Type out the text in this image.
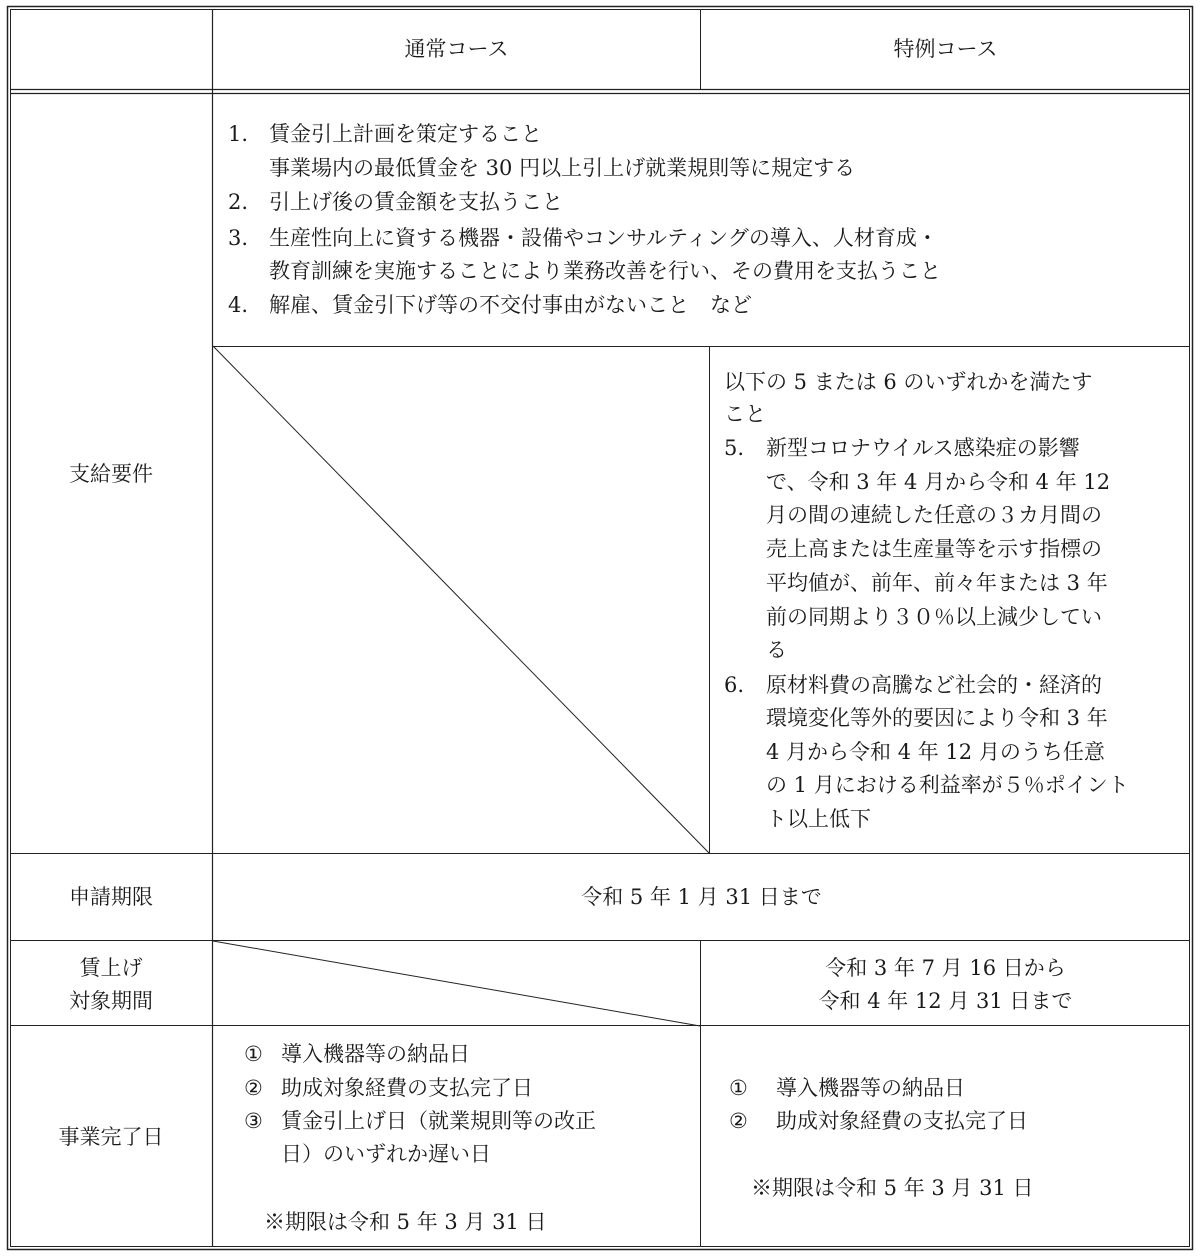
通常コース	特例コース
支給要件
申請期限
賃上げ
対象期間
事業完了日
1. 賃金引上計画を策定すること
事業場内の最低賃金を 30 円以上引上げ就業規則等に規定する
2. 引上げ後の賃金額を支払うこと
3. 生産性向上に資する機器・設備やコンサルティングの導入、人材育成・
教育訓練を実施することにより業務改善を行い、その費用を支払うこと
4. 解雇、賃金引下げ等の不交付事由がないこと　など
以下の 5 または 6 のいずれかを満たす
こと
5. 新型コロナウイルス感染症の影響
で、令和 3 年 4 月から令和 4 年 12
月の間の連続した任意の３カ月間の
売上高または生産量等を示す指標の
平均値が、前年、前々年または 3 年
前の同期より３０％以上減少してい
る
6. 原材料費の高騰など社会的・経済的
環境変化等外的要因により令和 3 年
4 月から令和 4 年 12 月のうち任意
の 1 月における利益率が５％ポイント
ト以上低下
令和 5 年 1 月 31 日まで
令和 3 年 7 月 16 日から
令和 4 年 12 月 31 日まで
① 導入機器等の納品日
② 助成対象経費の支払完了日
③ 賃金引上げ日（就業規則等の改正
日）のいずれか遅い日
※期限は令和 5 年 3 月 31 日
① 導入機器等の納品日
② 助成対象経費の支払完了日
※期限は令和 5 年 3 月 31 日
